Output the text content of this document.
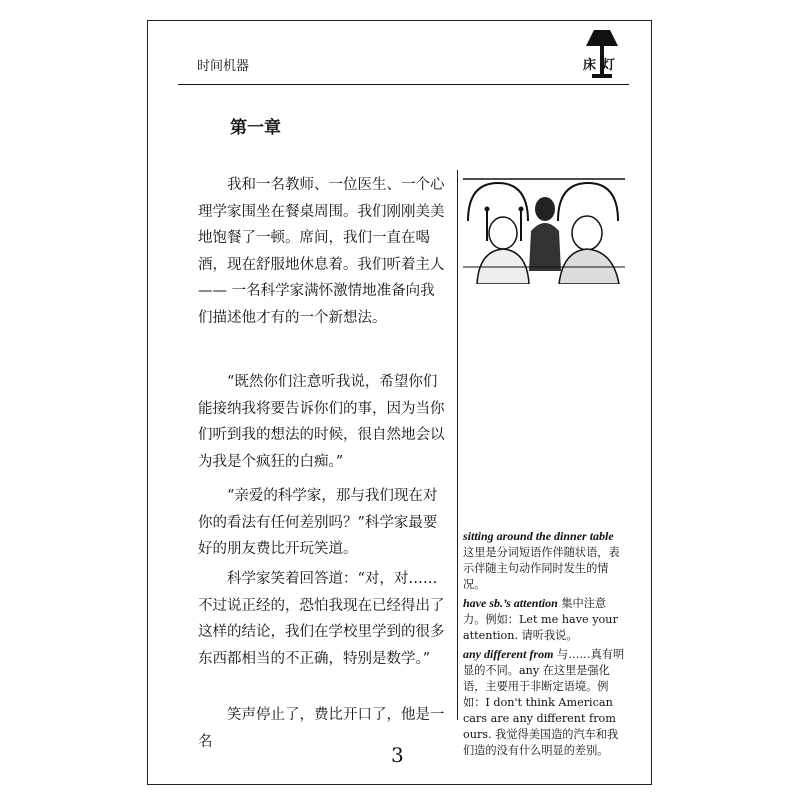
时间机器	床灯
第一章

我和一名教师、一位医生、一个心理学家围坐在餐桌周围。我们刚刚美美地饱餐了一顿。席间，我们一直在喝酒，现在舒服地休息着。我们听着主人—— 一名科学家满怀激情地准备向我们描述他才有的一个新想法。

“既然你们注意听我说，希望你们能接纳我将要告诉你们的事，因为当你们听到我的想法的时候，很自然地会以为我是个疯狂的白痴。”

“亲爱的科学家，那与我们现在对你的看法有任何差别吗？”科学家最要好的朋友费比开玩笑道。

科学家笑着回答道：“对，对……不过说正经的，恐怕我现在已经得出了这样的结论，我们在学校里学到的很多东西都相当的不正确，特别是数学。”

笑声停止了，费比开口了，他是一名

sitting around the dinner table 这里是分词短语作伴随状语，表示伴随主句动作同时发生的情况。

have sb.’s attention 集中注意力。例如：Let me have your attention. 请听我说。

any different from 与……真有明显的不同。any 在这里是强化语，主要用于非断定语境。例如：I don't think American cars are any different from ours. 我觉得美国造的汽车和我们造的没有什么明显的差别。

3
